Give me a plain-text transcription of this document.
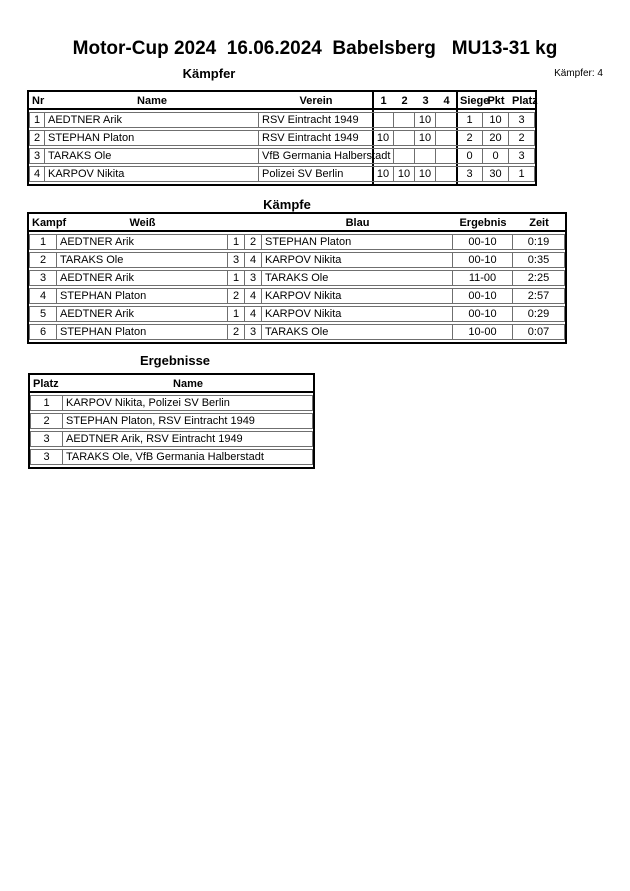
Motor-Cup 2024  16.06.2024  Babelsberg   MU13-31 kg
Kämpfer	Kämpfer: 4
Nr	Name	Verein	1	2	3	4	Siege	Pkt	Platz
1	AEDTNER Arik	RSV Eintracht 1949			10		1	10	3
2	STEPHAN Platon	RSV Eintracht 1949	10		10		2	20	2
3	TARAKS Ole	VfB Germania Halberstadt					0	0	3
4	KARPOV Nikita	Polizei SV Berlin	10	10	10		3	30	1
Kämpfe
Kampf	Weiß			Blau	Ergebnis	Zeit
1	AEDTNER Arik	1	2	STEPHAN Platon	00-10	0:19
2	TARAKS Ole	3	4	KARPOV Nikita	00-10	0:35
3	AEDTNER Arik	1	3	TARAKS Ole	11-00	2:25
4	STEPHAN Platon	2	4	KARPOV Nikita	00-10	2:57
5	AEDTNER Arik	1	4	KARPOV Nikita	00-10	0:29
6	STEPHAN Platon	2	3	TARAKS Ole	10-00	0:07
Ergebnisse
Platz	Name
1	KARPOV Nikita, Polizei SV Berlin
2	STEPHAN Platon, RSV Eintracht 1949
3	AEDTNER Arik, RSV Eintracht 1949
3	TARAKS Ole, VfB Germania Halberstadt
